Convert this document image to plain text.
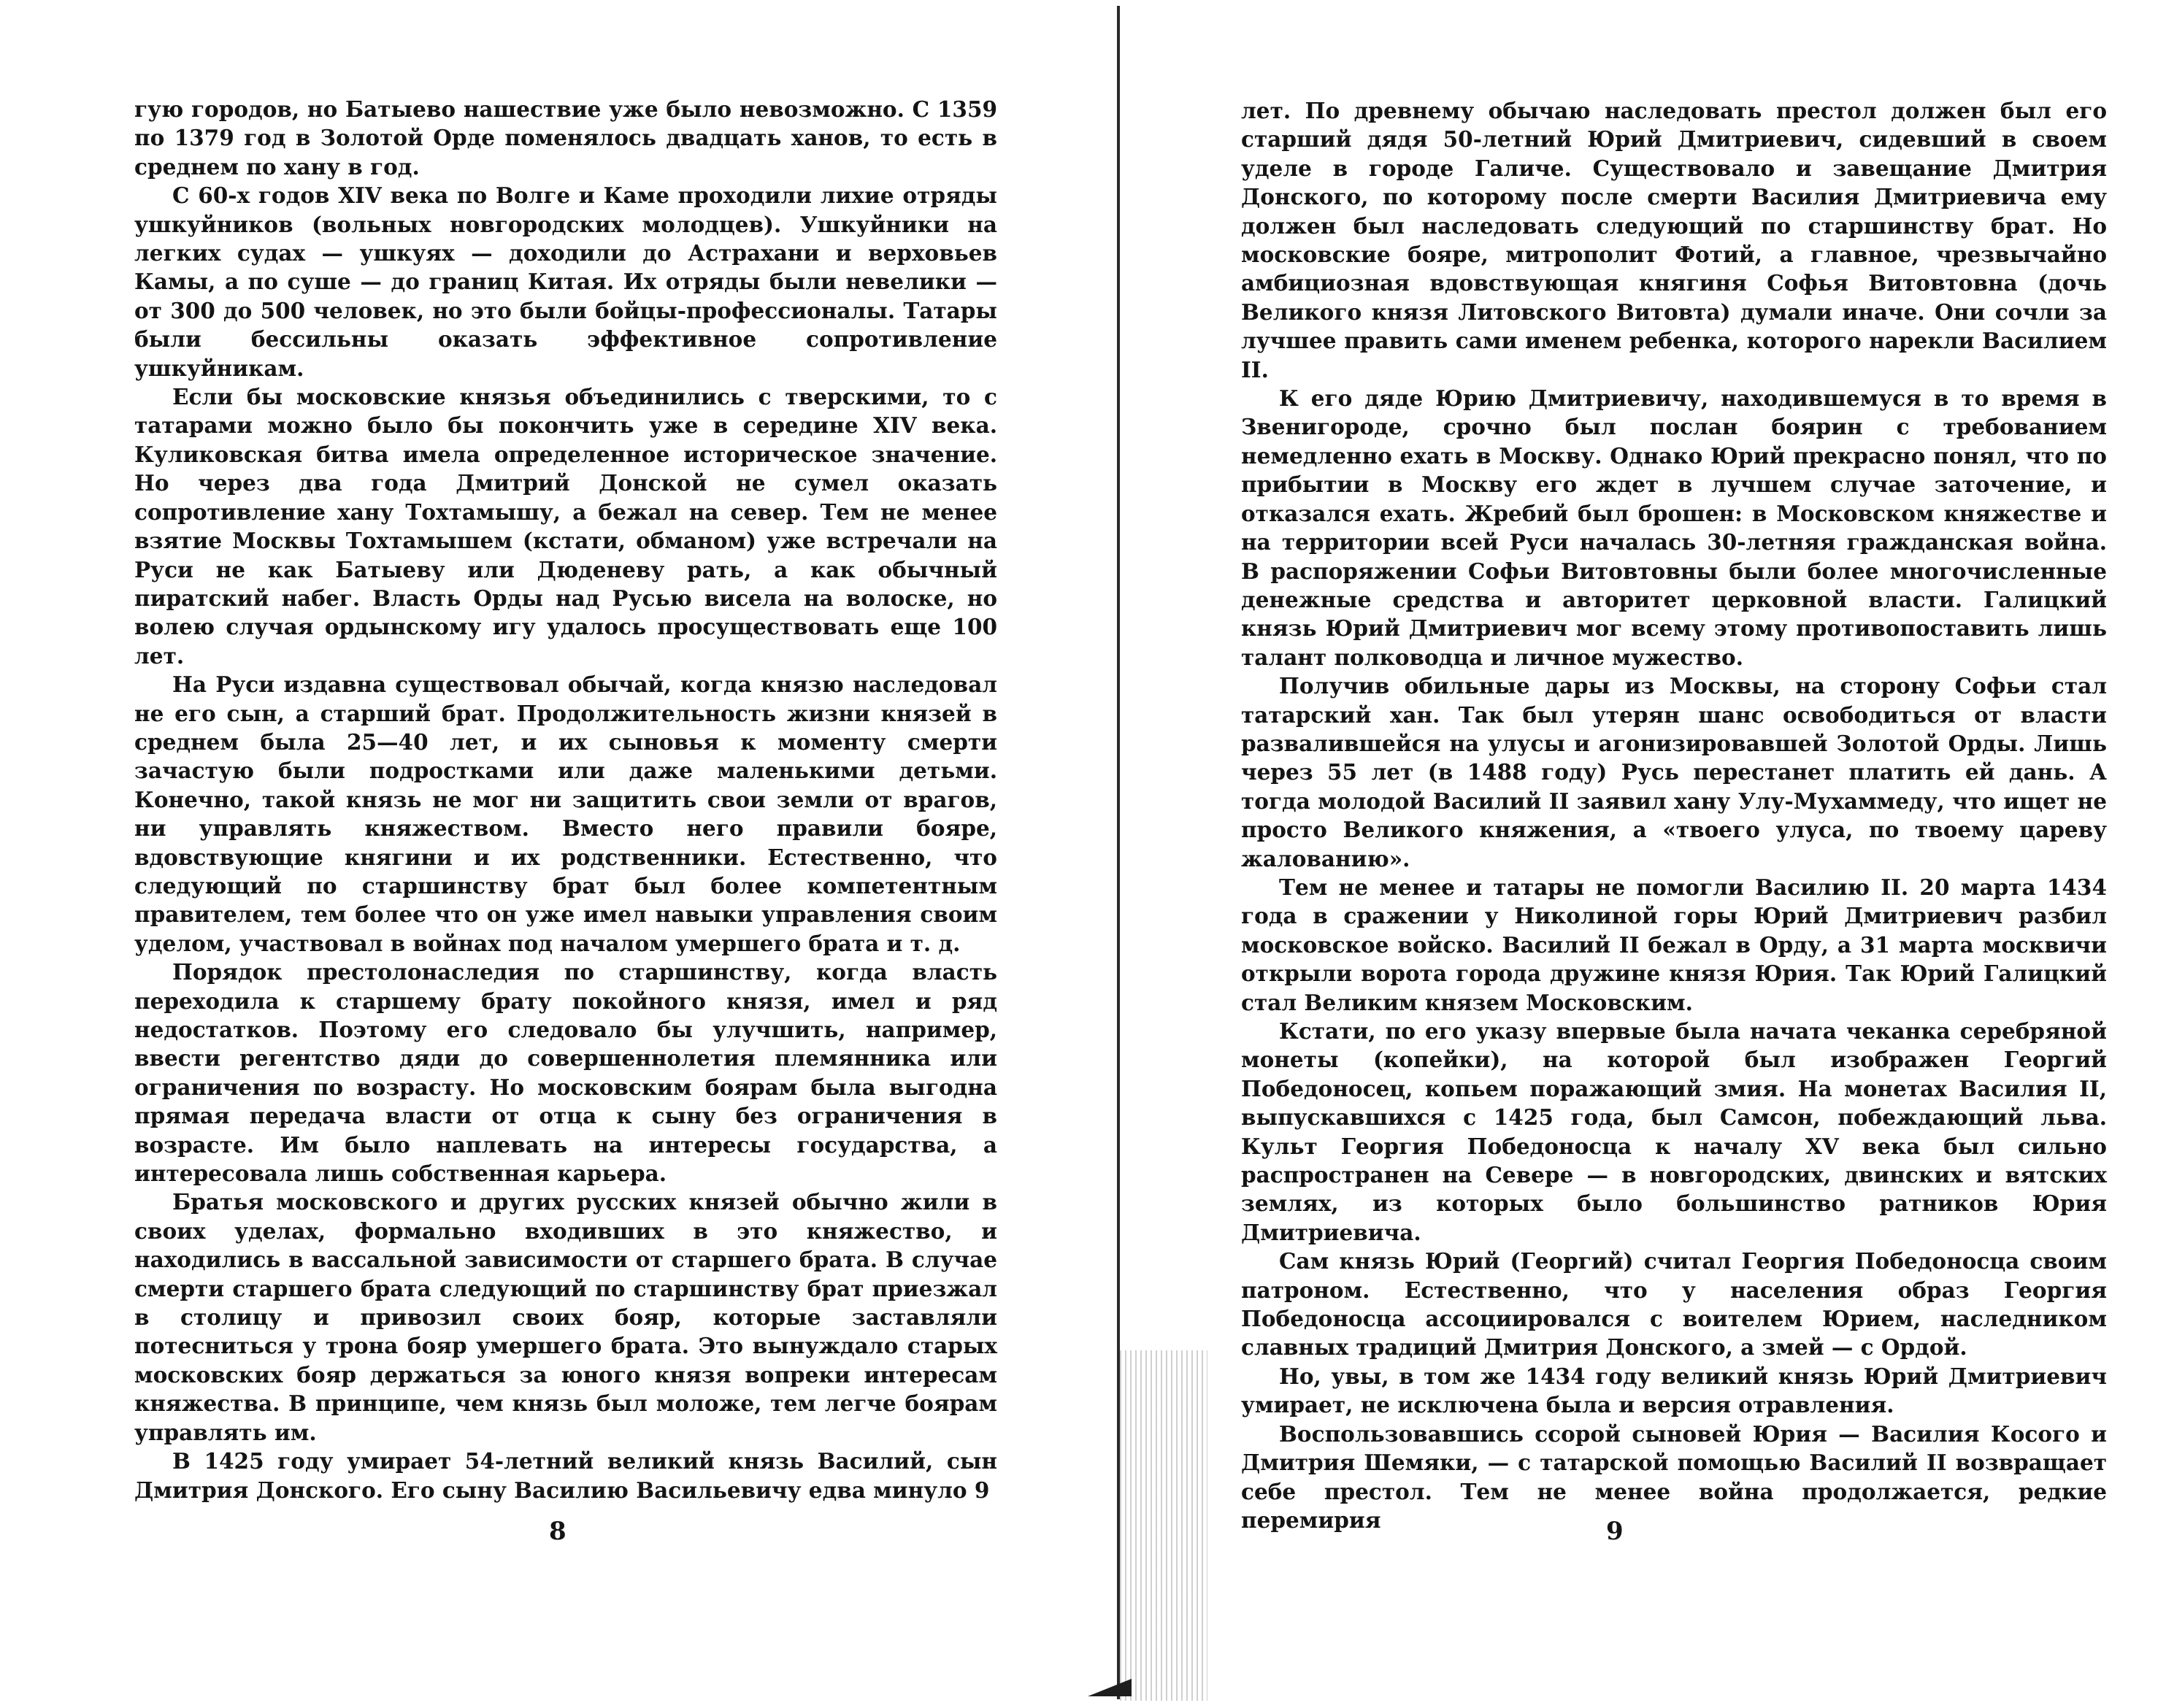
гую городов, но Батыево нашествие уже было невозможно. С 1359 по 1379 год в Золотой Орде поменялось двадцать ханов, то есть в среднем по хану в год.

С 60-х годов XIV века по Волге и Каме проходили лихие отряды ушкуйников (вольных новгородских молодцев). Ушкуйники на легких судах — ушкуях — доходили до Астрахани и верховьев Камы, а по суше — до границ Китая. Их отряды были невелики — от 300 до 500 человек, но это были бойцы-профессионалы. Татары были бессильны оказать эффективное сопротивление ушкуйникам.

Если бы московские князья объединились с тверскими, то с татарами можно было бы покончить уже в середине XIV века. Куликовская битва имела определенное историческое значение. Но через два года Дмитрий Донской не сумел оказать сопротивление хану Тохтамышу, а бежал на север. Тем не менее взятие Москвы Тохтамышем (кстати, обманом) уже встречали на Руси не как Батыеву или Дюденеву рать, а как обычный пиратский набег. Власть Орды над Русью висела на волоске, но волею случая ордынскому игу удалось просуществовать еще 100 лет.

На Руси издавна существовал обычай, когда князю наследовал не его сын, а старший брат. Продолжительность жизни князей в среднем была 25—40 лет, и их сыновья к моменту смерти зачастую были подростками или даже маленькими детьми. Конечно, такой князь не мог ни защитить свои земли от врагов, ни управлять княжеством. Вместо него правили бояре, вдовствующие княгини и их родственники. Естественно, что следующий по старшинству брат был более компетентным правителем, тем более что он уже имел навыки управления своим уделом, участвовал в войнах под началом умершего брата и т. д.

Порядок престолонаследия по старшинству, когда власть переходила к старшему брату покойного князя, имел и ряд недостатков. Поэтому его следовало бы улучшить, например, ввести регентство дяди до совершеннолетия племянника или ограничения по возрасту. Но московским боярам была выгодна прямая передача власти от отца к сыну без ограничения в возрасте. Им было наплевать на интересы государства, а интересовала лишь собственная карьера.

Братья московского и других русских князей обычно жили в своих уделах, формально входивших в это княжество, и находились в вассальной зависимости от старшего брата. В случае смерти старшего брата следующий по старшинству брат приезжал в столицу и привозил своих бояр, которые заставляли потесниться у трона бояр умершего брата. Это вынуждало старых московских бояр держаться за юного князя вопреки интересам княжества. В принципе, чем князь был моложе, тем легче боярам управлять им.

В 1425 году умирает 54-летний великий князь Василий, сын Дмитрия Донского. Его сыну Василию Васильевичу едва минуло 9

8

лет. По древнему обычаю наследовать престол должен был его старший дядя 50-летний Юрий Дмитриевич, сидевший в своем уделе в городе Галиче. Существовало и завещание Дмитрия Донского, по которому после смерти Василия Дмитриевича ему должен был наследовать следующий по старшинству брат. Но московские бояре, митрополит Фотий, а главное, чрезвычайно амбициозная вдовствующая княгиня Софья Витовтовна (дочь Великого князя Литовского Витовта) думали иначе. Они сочли за лучшее править сами именем ребенка, которого нарекли Василием II.

К его дяде Юрию Дмитриевичу, находившемуся в то время в Звенигороде, срочно был послан боярин с требованием немедленно ехать в Москву. Однако Юрий прекрасно понял, что по прибытии в Москву его ждет в лучшем случае заточение, и отказался ехать. Жребий был брошен: в Московском княжестве и на территории всей Руси началась 30-летняя гражданская война. В распоряжении Софьи Витовтовны были более многочисленные денежные средства и авторитет церковной власти. Галицкий князь Юрий Дмитриевич мог всему этому противопоставить лишь талант полководца и личное мужество.

Получив обильные дары из Москвы, на сторону Софьи стал татарский хан. Так был утерян шанс освободиться от власти развалившейся на улусы и агонизировавшей Золотой Орды. Лишь через 55 лет (в 1488 году) Русь перестанет платить ей дань. А тогда молодой Василий II заявил хану Улу-Мухаммеду, что ищет не просто Великого княжения, а «твоего улуса, по твоему цареву жалованию».

Тем не менее и татары не помогли Василию II. 20 марта 1434 года в сражении у Николиной горы Юрий Дмитриевич разбил московское войско. Василий II бежал в Орду, а 31 марта москвичи открыли ворота города дружине князя Юрия. Так Юрий Галицкий стал Великим князем Московским.

Кстати, по его указу впервые была начата чеканка серебряной монеты (копейки), на которой был изображен Георгий Победоносец, копьем поражающий змия. На монетах Василия II, выпускавшихся с 1425 года, был Самсон, побеждающий льва. Культ Георгия Победоносца к началу XV века был сильно распространен на Севере — в новгородских, двинских и вятских землях, из которых было большинство ратников Юрия Дмитриевича.

Сам князь Юрий (Георгий) считал Георгия Победоносца своим патроном. Естественно, что у населения образ Георгия Победоносца ассоциировался с воителем Юрием, наследником славных традиций Дмитрия Донского, а змей — с Ордой.

Но, увы, в том же 1434 году великий князь Юрий Дмитриевич умирает, не исключена была и версия отравления.

Воспользовавшись ссорой сыновей Юрия — Василия Косого и Дмитрия Шемяки, — с татарской помощью Василий II возвращает себе престол. Тем не менее война продолжается, редкие перемирия	9
